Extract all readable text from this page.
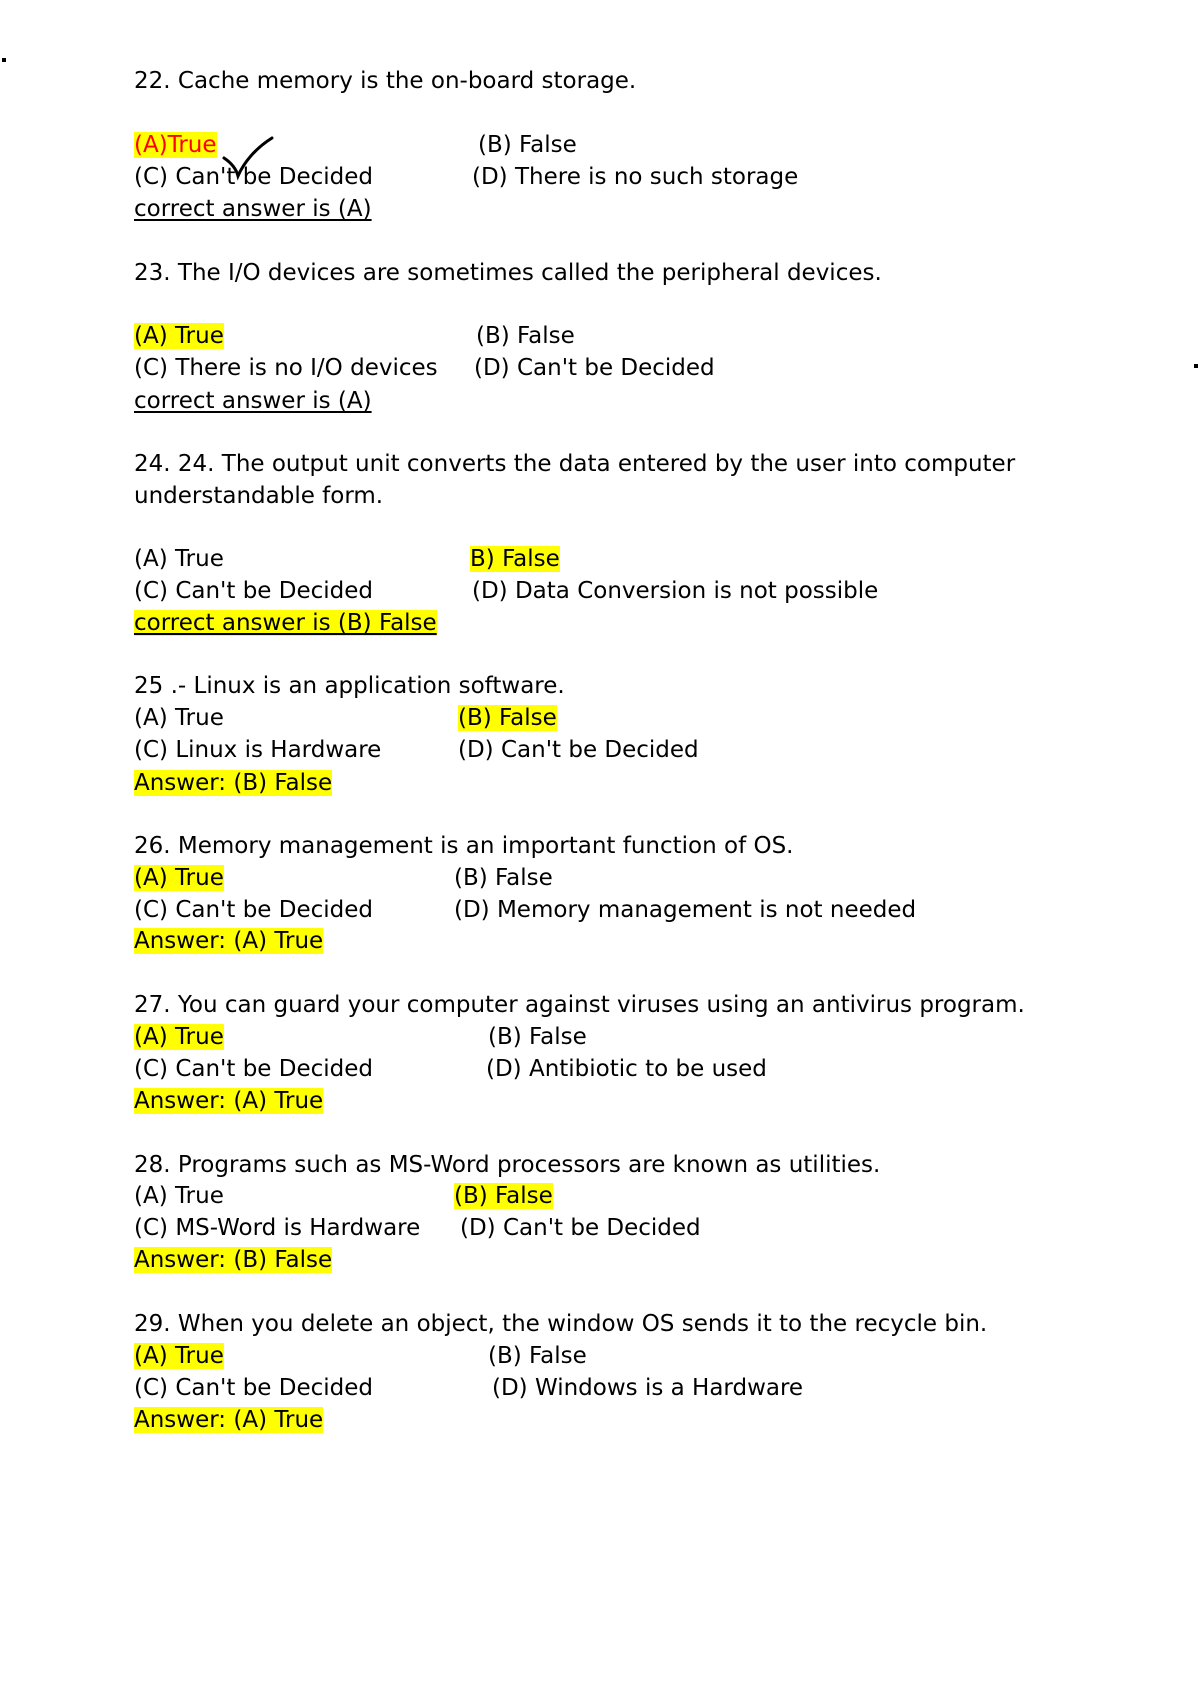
22. Cache memory is the on-board storage.
(A)True	(B) False
(C) Can't be Decided	(D) There is no such storage
correct answer is (A)
23. The I/O devices are sometimes called the peripheral devices.
(A) True	(B) False
(C) There is no I/O devices (D) Can't be Decided
correct answer is (A)
24. 24. The output unit converts the data entered by the user into computer
understandable form.
(A) True	B) False
(C) Can't be Decided	(D) Data Conversion is not possible
correct answer is (B) False
25 .- Linux is an application software.
(A) True	(B) False
(C) Linux is Hardware	(D) Can't be Decided
Answer: (B) False
26. Memory management is an important function of OS.
(A) True	(B) False
(C) Can't be Decided	(D) Memory management is not needed
Answer: (A) True
27. You can guard your computer against viruses using an antivirus program.
(A) True	(B) False
(C) Can't be Decided	(D) Antibiotic to be used
Answer: (A) True
28. Programs such as MS-Word processors are known as utilities.
(A) True	(B) False
(C) MS-Word is Hardware (D) Can't be Decided
Answer: (B) False
29. When you delete an object, the window OS sends it to the recycle bin.
(A) True	(B) False
(C) Can't be Decided	(D) Windows is a Hardware
Answer: (A) True
